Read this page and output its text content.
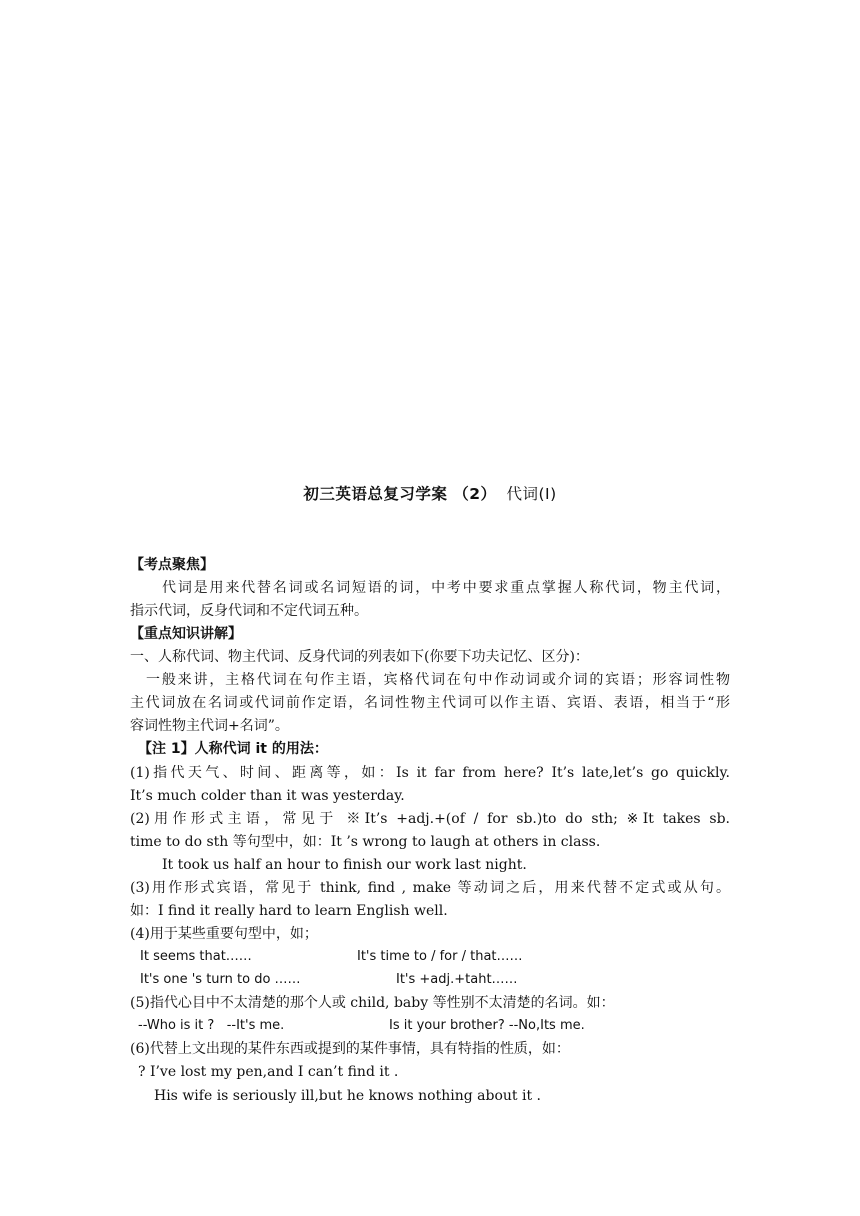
初三英语总复习学案 （2） 代词(Ⅰ)
【考点聚焦】
代词是用来代替名词或名词短语的词，中考中要求重点掌握人称代词，物主代词，
指示代词，反身代词和不定代词五种。
【重点知识讲解】
一、人称代词、物主代词、反身代词的列表如下(你要下功夫记忆、区分)：
一般来讲，主格代词在句作主语，宾格代词在句中作动词或介词的宾语；形容词性物
主代词放在名词或代词前作定语，名词性物主代词可以作主语、宾语、表语，相当于“形
容词性物主代词+名词”。
【注 1】人称代词 it 的用法：
(1)指代天气、时间、距离等，如：Is it far from here? It’s late,let’s go quickly.
It’s much colder than it was yesterday.
(2)用作形式主语，常见于 ※It’s +adj.+(of / for sb.)to do sth; ※It takes sb.
time to do sth 等句型中，如：It ’s wrong to laugh at others in class.
It took us half an hour to finish our work last night.
(3)用作形式宾语，常见于 think, find , make 等动词之后，用来代替不定式或从句。
如：I find it really hard to learn English well.
(4)用于某些重要句型中，如；
It seems that……	It's time to / for / that……
It's one 's turn to do ……	It's +adj.+taht……
(5)指代心目中不太清楚的那个人或 child, baby 等性别不太清楚的名词。如：
--Who is it ?   --It's me.	Is it your brother? --No,Its me.
(6)代替上文出现的某件东西或提到的某件事情，具有特指的性质，如：
? I’ve lost my pen,and I can’t find it .
His wife is seriously ill,but he knows nothing about it .
